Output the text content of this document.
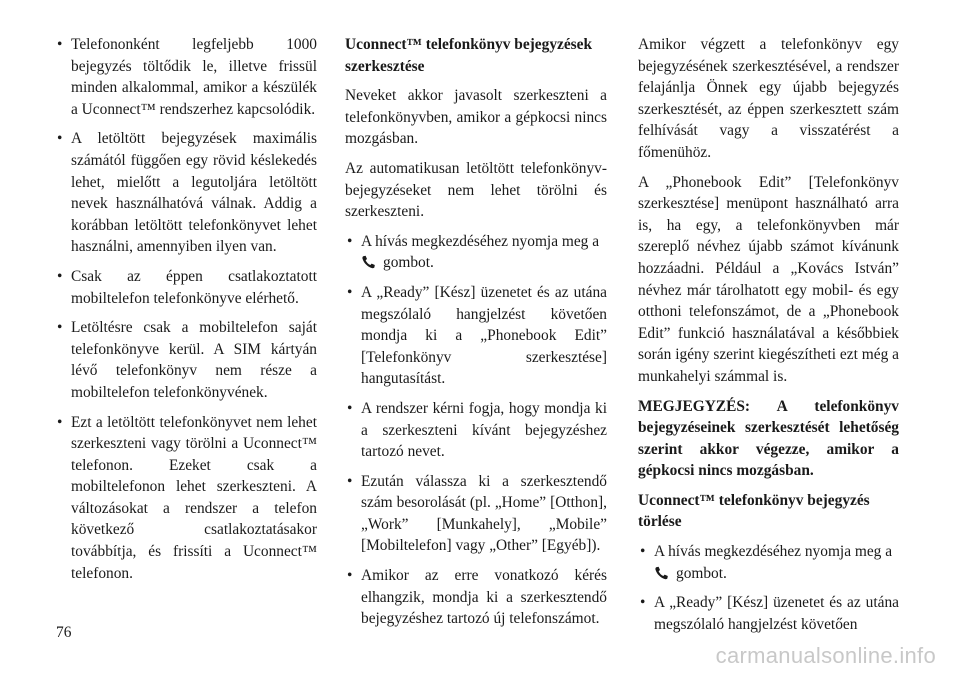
• Telefononként legfeljebb 1000 bejegyzés töltődik le, illetve frissül minden alkalommal, amikor a készülék a Uconnect™ rendszerhez kapcsolódik.
• A letöltött bejegyzések maximális számától függően egy rövid késlekedés lehet, mielőtt a legutoljára letöltött nevek használhatóvá válnak. Addig a korábban letöltött telefonkönyvet lehet használni, amennyiben ilyen van.
• Csak az éppen csatlakoztatott mobiltelefon telefonkönyve elérhető.
• Letöltésre csak a mobiltelefon saját telefonkönyve kerül. A SIM kártyán lévő telefonkönyv nem része a mobiltelefon telefonkönyvének.
• Ezt a letöltött telefonkönyvet nem lehet szerkeszteni vagy törölni a Uconnect™ telefonon. Ezeket csak a mobiltelefonon lehet szerkeszteni. A változásokat a rendszer a telefon következő csatlakoztatásakor továbbítja, és frissíti a Uconnect™ telefonon.
Uconnect™ telefonkönyv bejegyzések szerkesztése

Neveket akkor javasolt szerkeszteni a telefonkönyvben, amikor a gépkocsi nincs mozgásban.

Az automatikusan letöltött telefonkönyv-bejegyzéseket nem lehet törölni és szerkeszteni.

• A hívás megkezdéséhez nyomja meg a
gombot.
• A „Ready” [Kész] üzenetet és az utána megszólaló hangjelzést követően mondja ki a „Phonebook Edit” [Telefonkönyv szerkesztése] hangutasítást.
• A rendszer kérni fogja, hogy mondja ki a szerkeszteni kívánt bejegyzéshez tartozó nevet.
• Ezután válassza ki a szerkesztendő szám besorolását (pl. „Home” [Otthon], „Work” [Munkahely], „Mobile” [Mobiltelefon] vagy „Other” [Egyéb]).
• Amikor az erre vonatkozó kérés elhangzik, mondja ki a szerkesztendő bejegyzéshez tartozó új telefonszámot.

Amikor végzett a telefonkönyv egy bejegyzésének szerkesztésével, a rendszer felajánlja Önnek egy újabb bejegyzés szerkesztését, az éppen szerkesztett szám felhívását vagy a visszatérést a főmenühöz.

A „Phonebook Edit” [Telefonkönyv szerkesztése] menüpont használható arra is, ha egy, a telefonkönyvben már szereplő névhez újabb számot kívánunk hozzáadni. Például a „Kovács István” névhez már tárolhatott egy mobil- és egy otthoni telefonszámot, de a „Phonebook Edit” funkció használatával a későbbiek során igény szerint kiegészítheti ezt még a munkahelyi számmal is.

MEGJEGYZÉS: A telefonkönyv bejegyzéseinek szerkesztését lehetőség szerint akkor végezze, amikor a gépkocsi nincs mozgásban.

Uconnect™ telefonkönyv bejegyzés törlése
• A hívás megkezdéséhez nyomja meg a
gombot.
• A „Ready” [Kész] üzenetet és az utána megszólaló hangjelzést követően
76
carmanualsonline.info
